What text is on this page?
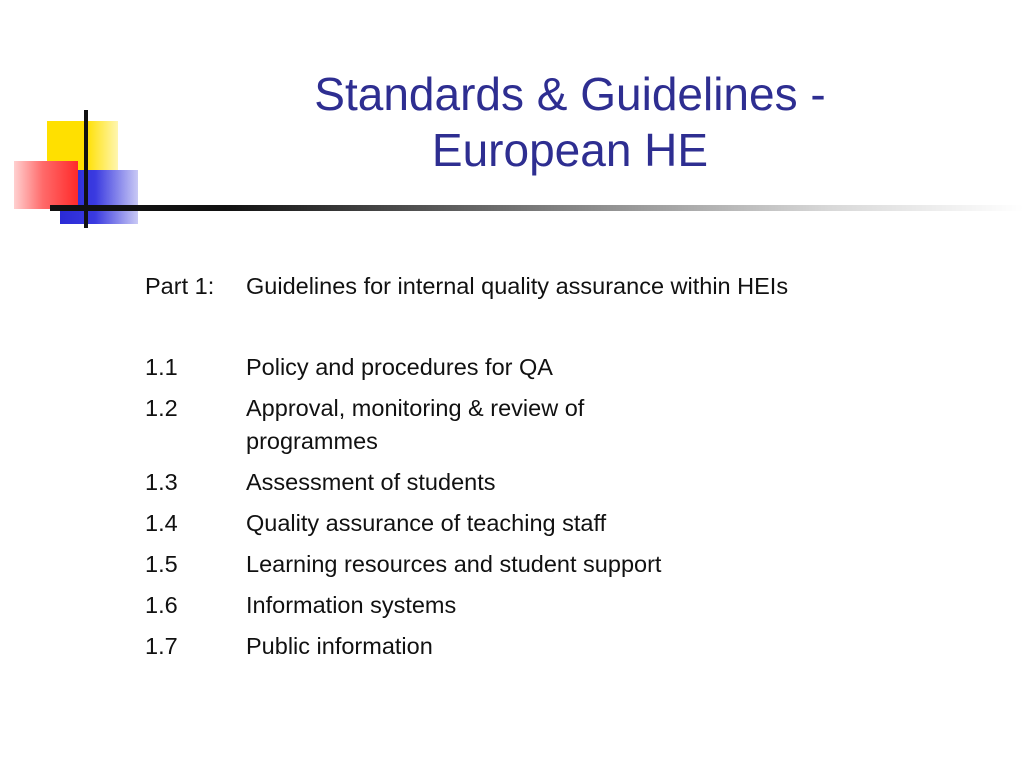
Standards & Guidelines -
European HE
Part 1:	Guidelines for internal quality assurance within HEIs
1.1	Policy and procedures for QA
1.2	Approval, monitoring & review of programmes
1.3	Assessment of students
1.4	Quality assurance of teaching staff
1.5	Learning resources and student support
1.6	Information systems
1.7	Public information
